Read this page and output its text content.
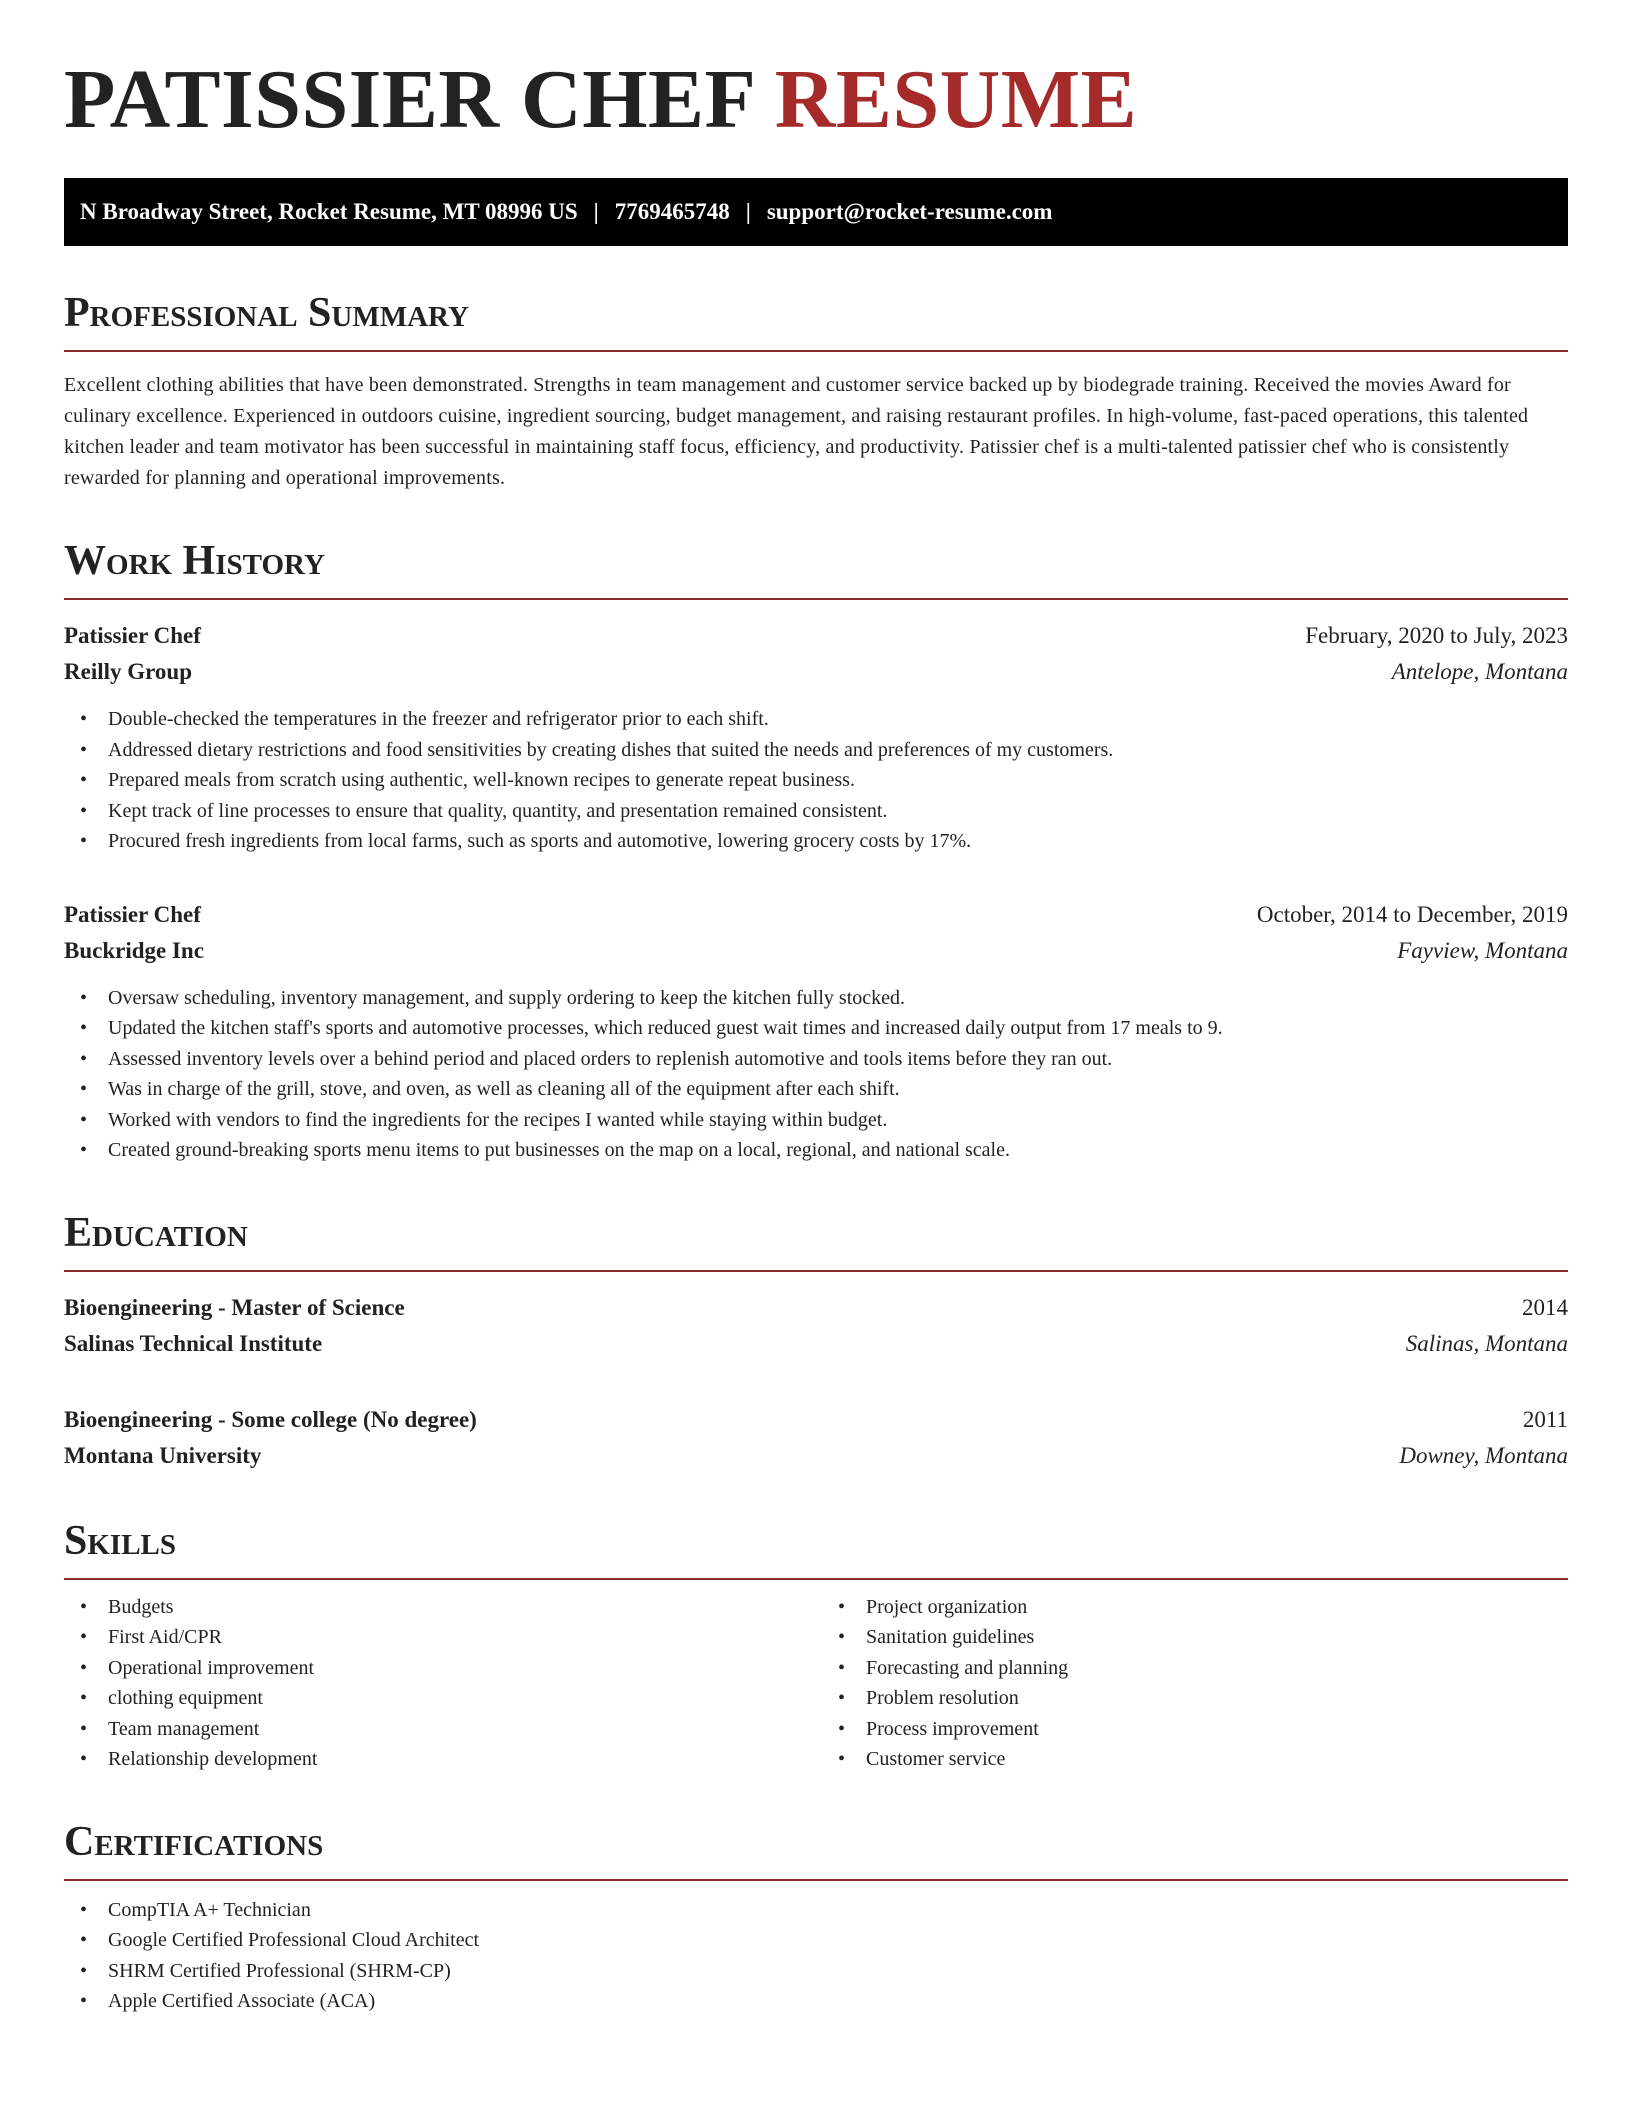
PATISSIER CHEF RESUME
N Broadway Street, Rocket Resume, MT 08996 US | 7769465748 | support@rocket-resume.com
Professional Summary

Excellent clothing abilities that have been demonstrated. Strengths in team management and customer service backed up by biodegrade training. Received the movies Award for culinary excellence. Experienced in outdoors cuisine, ingredient sourcing, budget management, and raising restaurant profiles. In high-volume, fast-paced operations, this talented kitchen leader and team motivator has been successful in maintaining staff focus, efficiency, and productivity. Patissier chef is a multi-talented patissier chef who is consistently rewarded for planning and operational improvements.

Work History
Patissier Chef	February, 2020 to July, 2023
Reilly Group	Antelope, Montana
• Double-checked the temperatures in the freezer and refrigerator prior to each shift.
• Addressed dietary restrictions and food sensitivities by creating dishes that suited the needs and preferences of my customers.
• Prepared meals from scratch using authentic, well-known recipes to generate repeat business.
• Kept track of line processes to ensure that quality, quantity, and presentation remained consistent.
• Procured fresh ingredients from local farms, such as sports and automotive, lowering grocery costs by 17%.
Patissier Chef	October, 2014 to December, 2019
Buckridge Inc	Fayview, Montana
• Oversaw scheduling, inventory management, and supply ordering to keep the kitchen fully stocked.
• Updated the kitchen staff's sports and automotive processes, which reduced guest wait times and increased daily output from 17 meals to 9.
• Assessed inventory levels over a behind period and placed orders to replenish automotive and tools items before they ran out.
• Was in charge of the grill, stove, and oven, as well as cleaning all of the equipment after each shift.
• Worked with vendors to find the ingredients for the recipes I wanted while staying within budget.
• Created ground-breaking sports menu items to put businesses on the map on a local, regional, and national scale.
Education
Bioengineering - Master of Science	2014
Salinas Technical Institute	Salinas, Montana
Bioengineering - Some college (No degree)	2011
Montana University	Downey, Montana
Skills
• Budgets
• First Aid/CPR
• Operational improvement
• clothing equipment
• Team management
• Relationship development
• Project organization
• Sanitation guidelines
• Forecasting and planning
• Problem resolution
• Process improvement
• Customer service
Certifications
• CompTIA A+ Technician
• Google Certified Professional Cloud Architect
• SHRM Certified Professional (SHRM-CP)
• Apple Certified Associate (ACA)
